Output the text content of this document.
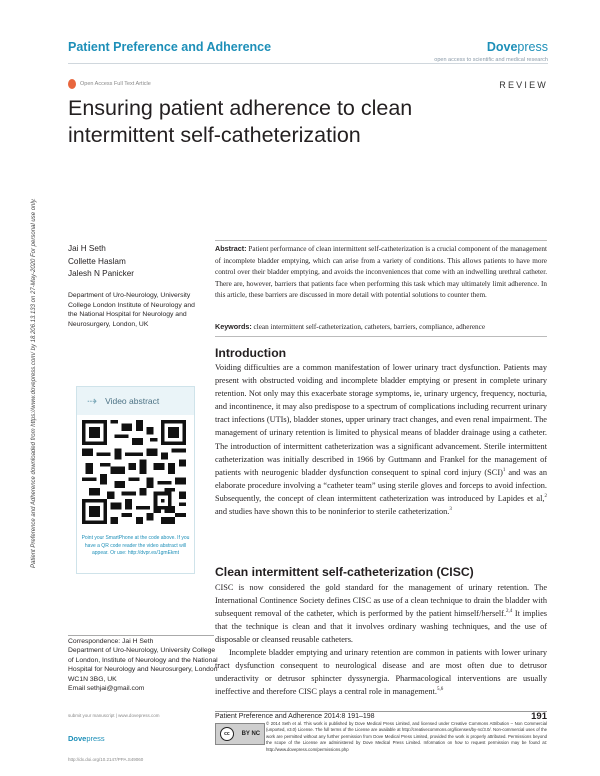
Patient Preference and Adherence	Dovepress
open access to scientific and medical research
Open Access Full Text Article	REVIEW
Ensuring patient adherence to clean intermittent self-catheterization
Patient Preference and Adherence downloaded from https://www.dovepress.com/ by 18.206.13.133 on 27-May-2020 For personal use only.	Jai H Seth
Collette Haslam
Jalesh N Panicker
Department of Uro-Neurology, University College London Institute of Neurology and the National Hospital for Neurology and Neurosurgery, London, UK
⇢ Video abstract
Point your SmartPhone at the code above. If you have a QR code reader the video abstract will appear. Or use: http://dvpr.es/1gmEkmt
Correspondence: Jai H Seth
Department of Uro-Neurology, University College of London, Institute of Neurology and the National Hospital for Neurology and Neurosurgery, London WC1N 3BG, UK
Email sethjai@gmail.com

Abstract: Patient performance of clean intermittent self-catheterization is a crucial component of the management of incomplete bladder emptying, which can arise from a variety of conditions. This allows patients to have more control over their bladder emptying, and avoids the inconveniences that come with an indwelling urethral catheter. There are, however, barriers that patients face when performing this task which may ultimately limit adherence. In this article, these barriers are discussed in more detail with potential solutions to counter them.

Keywords: clean intermittent self-catheterization, catheters, barriers, compliance, adherence

Introduction

Voiding difficulties are a common manifestation of lower urinary tract dysfunction. Patients may present with obstructed voiding and incomplete bladder emptying or present in complete urinary retention. Not only may this exacerbate storage symptoms, ie, urinary urgency, frequency, nocturia, and incontinence, it may also predispose to a spectrum of complications including recurrent urinary tract infections (UTIs), bladder stones, upper urinary tract changes, and even renal impairment. The management of urinary retention is limited to physical means of bladder drainage using a catheter. The introduction of intermittent catheterization was a significant advancement. Sterile intermittent catheterization was initially described in 1966 by Guttmann and Frankel for the management of patients with neurogenic bladder dysfunction consequent to spinal cord injury (SCI)$^1$ and was an elaborate procedure involving a “catheter team” using sterile gloves and forceps to avoid infection. Subsequently, the concept of clean intermittent catheterization was introduced by Lapides et al,$^2$ and studies have shown this to be noninferior to sterile catheterization.$^3$

Clean intermittent self-catheterization (CISC)

CISC is now considered the gold standard for the management of urinary retention. The International Continence Society defines CISC as use of a clean technique to drain the bladder with subsequent removal of the catheter, which is performed by the patient himself/herself.$^{2,4}$ It implies that the technique is clean and that it involves ordinary washing techniques, and the use of disposable or cleansed reusable catheters.

Incomplete bladder emptying and urinary retention are common in patients with lower urinary tract dysfunction consequent to neurological disease and are most often due to detrusor underactivity or detrusor sphincter dyssynergia. Pharmacological interventions are usually ineffective and therefore CISC plays a central role in management.$^{5,6}$

submit your manuscript | www.dovepress.com
Dovepress
http://dx.doi.org/10.2147/PPA.S49060
Patient Preference and Adherence 2014:8 191–198	191
cc	BY NC
© 2014 Seth et al. This work is published by Dove Medical Press Limited, and licensed under Creative Commons Attribution – Non Commercial (unported, v3.0) License. The full terms of the License are available at http://creativecommons.org/licenses/by-nc/3.0/. Non-commercial uses of the work are permitted without any further permission from Dove Medical Press Limited, provided the work is properly attributed. Permissions beyond the scope of the License are administered by Dove Medical Press Limited. Information on how to request permission may be found at: http://www.dovepress.com/permissions.php
